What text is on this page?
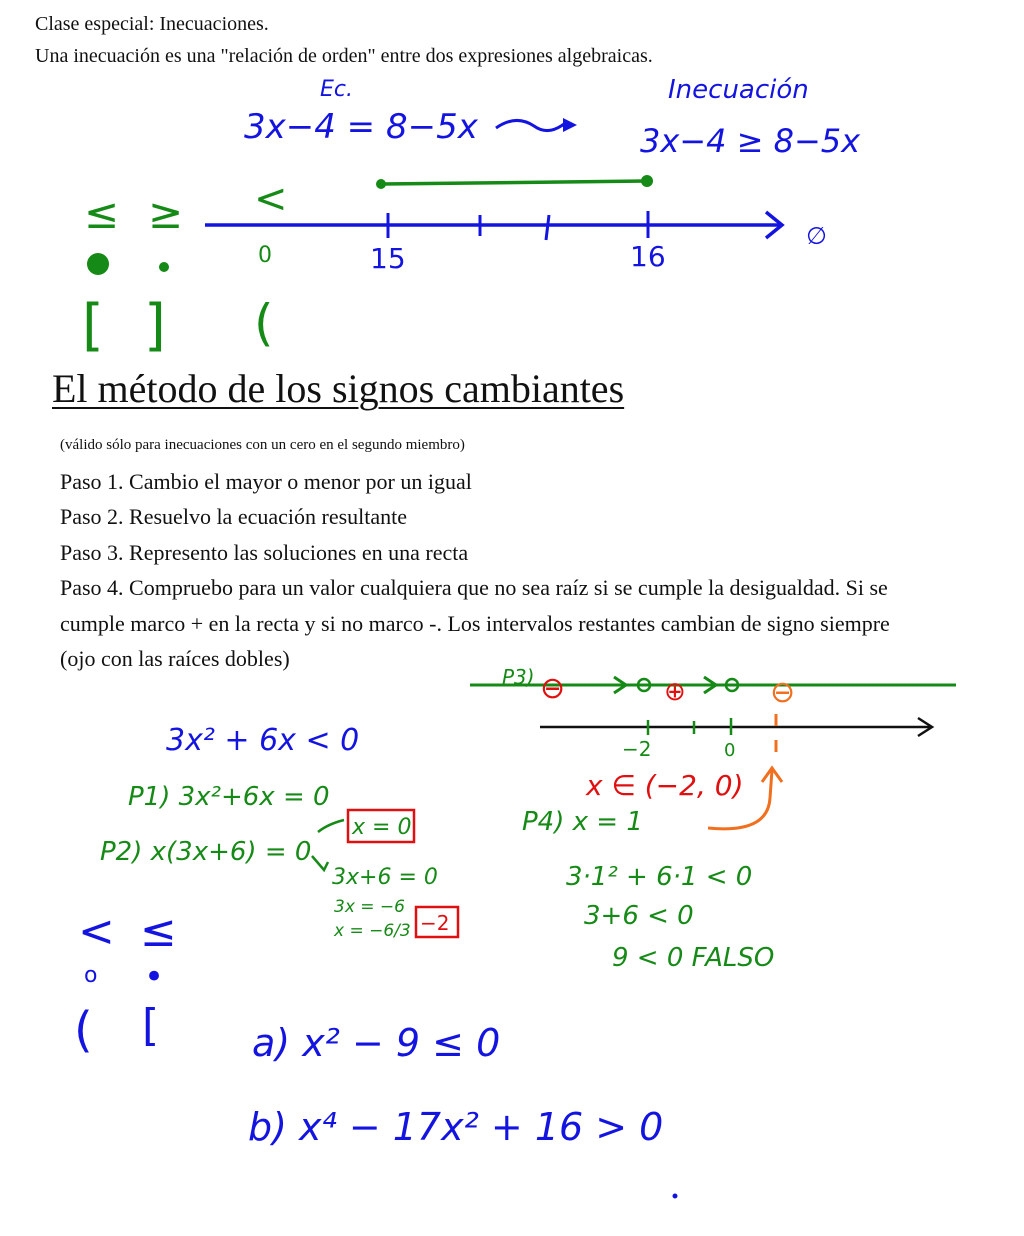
Clase especial: Inecuaciones.
Una inecuación es una "relación de orden" entre dos expresiones algebraicas.
El método de los signos cambiantes

(válido sólo para inecuaciones con un cero en el segundo miembro)

Paso 1. Cambio el mayor o menor por un igual

Paso 2. Resuelvo la ecuación resultante

Paso 3. Represento las soluciones en una recta

Paso 4. Compruebo para un valor cualquiera que no sea raíz si se cumple la desigualdad. Si se cumple marco + en la recta y si no marco -. Los intervalos restantes cambian de signo siempre (ojo con las raíces dobles)

Ec.
3x−4 = 8−5x
Inecuación
3x−4 ≥ 8−5x
15	16
∅
≤ ≥ <
0
[ ] (
3x² + 6x < 0
P1) 3x²+6x = 0
P2) x(3x+6) = 0
x = 0
3x+6 = 0
3x = −6
x = −6/3 −2
P3) ⊖	⊕	⊖
−2	0
x ∈ (−2, 0)
P4) x = 1
3·1² + 6·1 < 0
3+6 < 0
9 < 0 FALSO
< ≤
o •
( [ a) x² − 9 ≤ 0
b) x⁴ − 17x² + 16 > 0
